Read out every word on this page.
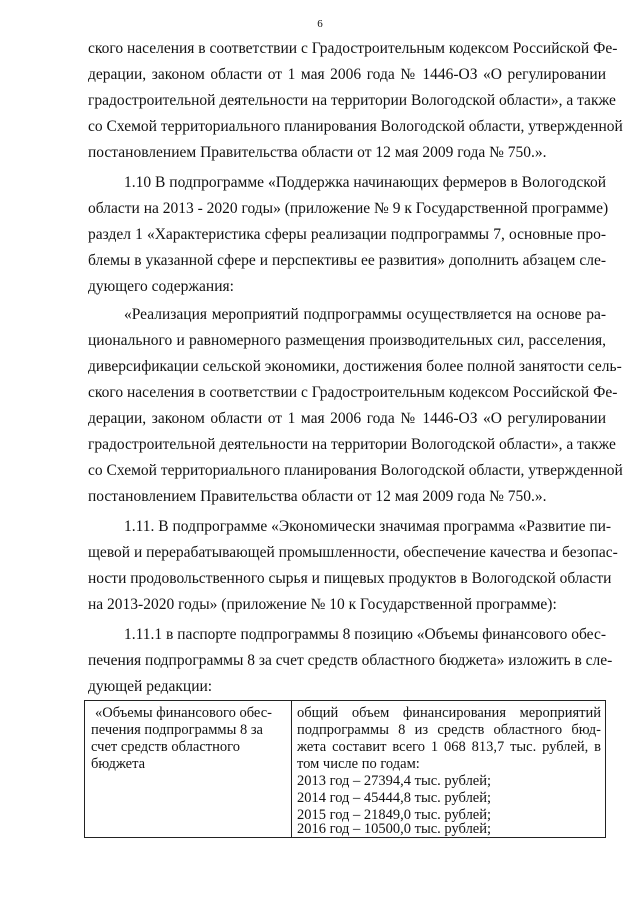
6
ского населения в соответствии с Градостроительным кодексом Российской Фе-
дерации, законом области от 1 мая 2006 года № 1446-ОЗ «О регулировании
градостроительной деятельности на территории Вологодской области», а также
со Схемой территориального планирования Вологодской области, утвержденной
постановлением Правительства области от 12 мая 2009 года № 750.».
1.10 В подпрограмме «Поддержка начинающих фермеров в Вологодской
области на 2013 - 2020 годы» (приложение № 9 к Государственной программе)
раздел 1 «Характеристика сферы реализации подпрограммы 7, основные про-
блемы в указанной сфере и перспективы ее развития» дополнить абзацем сле-
дующего содержания:
«Реализация мероприятий подпрограммы осуществляется на основе ра-
ционального и равномерного размещения производительных сил, расселения,
диверсификации сельской экономики, достижения более полной занятости сель-
ского населения в соответствии с Градостроительным кодексом Российской Фе-
дерации, законом области от 1 мая 2006 года № 1446-ОЗ «О регулировании
градостроительной деятельности на территории Вологодской области», а также
со Схемой территориального планирования Вологодской области, утвержденной
постановлением Правительства области от 12 мая 2009 года № 750.».
1.11. В подпрограмме «Экономически значимая программа «Развитие пи-
щевой и перерабатывающей промышленности, обеспечение качества и безопас-
ности продовольственного сырья и пищевых продуктов в Вологодской области
на 2013-2020 годы» (приложение № 10 к Государственной программе):
1.11.1 в паспорте подпрограммы 8 позицию «Объемы финансового обес-
печения подпрограммы 8 за счет средств областного бюджета» изложить в сле-
дующей редакции:
«Объемы финансового обес-
печения подпрограммы 8 за
счет средств областного
бюджета
общий объем финансирования мероприятий
подпрограммы 8 из средств областного бюд-
жета составит всего 1 068 813,7 тыс. рублей, в
том числе по годам:
2013 год – 27394,4 тыс. рублей;
2014 год – 45444,8 тыс. рублей;
2015 год – 21849,0 тыс. рублей;
2016 год – 10500,0 тыс. рублей;
